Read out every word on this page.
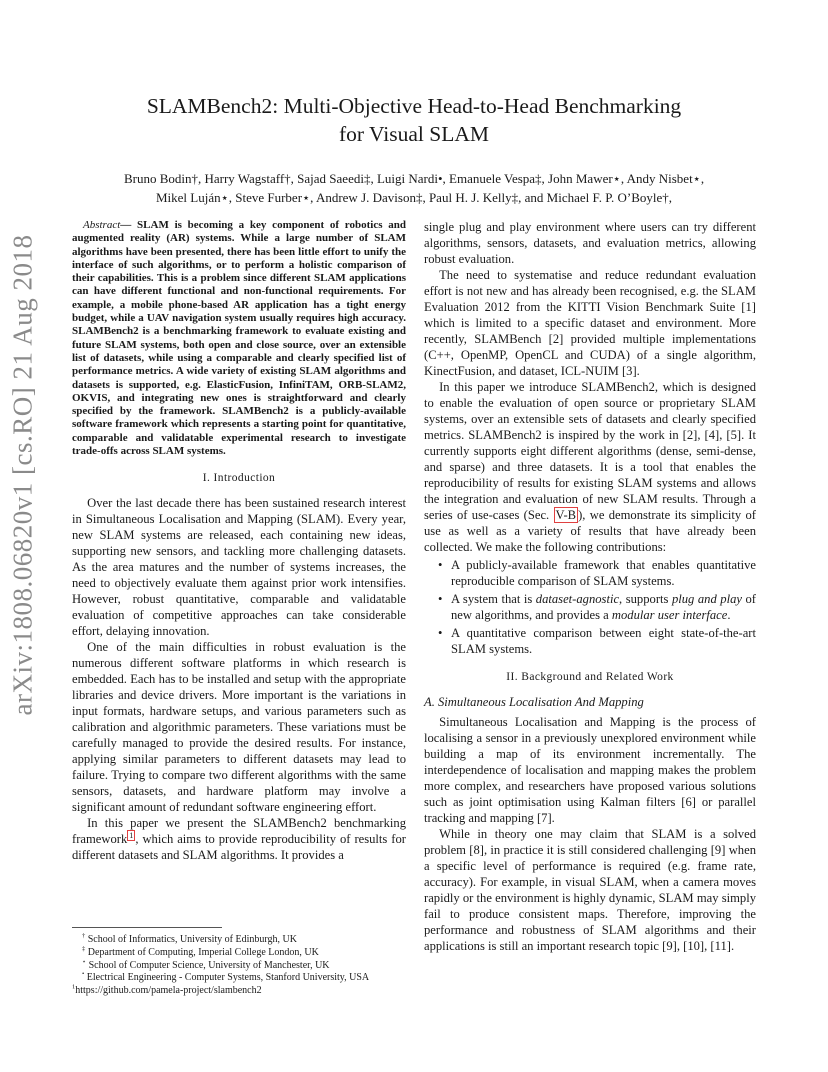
arXiv:1808.06820v1 [cs.RO] 21 Aug 2018
SLAMBench2: Multi-Objective Head-to-Head Benchmarking
for Visual SLAM
Bruno Bodin†, Harry Wagstaff†, Sajad Saeedi‡, Luigi Nardi•, Emanuele Vespa‡, John Mawer⋆, Andy Nisbet⋆,
Mikel Luján⋆, Steve Furber⋆, Andrew J. Davison‡, Paul H. J. Kelly‡, and Michael F. P. O’Boyle†,

Abstract— SLAM is becoming a key component of robotics and augmented reality (AR) systems. While a large number of SLAM algorithms have been presented, there has been little effort to unify the interface of such algorithms, or to perform a holistic comparison of their capabilities. This is a problem since different SLAM applications can have different functional and non-functional requirements. For example, a mobile phone-based AR application has a tight energy budget, while a UAV navigation system usually requires high accuracy. SLAMBench2 is a benchmarking framework to evaluate existing and future SLAM systems, both open and close source, over an extensible list of datasets, while using a comparable and clearly specified list of performance metrics. A wide variety of existing SLAM algorithms and datasets is supported, e.g. ElasticFusion, InfiniTAM, ORB-SLAM2, OKVIS, and integrating new ones is straightforward and clearly specified by the framework. SLAMBench2 is a publicly-available software framework which represents a starting point for quantitative, comparable and validatable experimental research to investigate trade-offs across SLAM systems.

I. Introduction

Over the last decade there has been sustained research interest in Simultaneous Localisation and Mapping (SLAM). Every year, new SLAM systems are released, each containing new ideas, supporting new sensors, and tackling more challenging datasets. As the area matures and the number of systems increases, the need to objectively evaluate them against prior work intensifies. However, robust quantitative, comparable and validatable evaluation of competitive approaches can take considerable effort, delaying innovation.

One of the main difficulties in robust evaluation is the numerous different software platforms in which research is embedded. Each has to be installed and setup with the appropriate libraries and device drivers. More important is the variations in input formats, hardware setups, and various parameters such as calibration and algorithmic parameters. These variations must be carefully managed to provide the desired results. For instance, applying similar parameters to different datasets may lead to failure. Trying to compare two different algorithms with the same sensors, datasets, and hardware platform may involve a significant amount of redundant software engineering effort.

In this paper we present the SLAMBench2 benchmarking framework $^1$ , which aims to provide reproducibility of results for different datasets and SLAM algorithms. It provides a

single plug and play environment where users can try different algorithms, sensors, datasets, and evaluation metrics, allowing robust evaluation.

The need to systematise and reduce redundant evaluation effort is not new and has already been recognised, e.g. the SLAM Evaluation 2012 from the KITTI Vision Benchmark Suite [1] which is limited to a specific dataset and environment. More recently, SLAMBench [2] provided multiple implementations (C++, OpenMP, OpenCL and CUDA) of a single algorithm, KinectFusion, and dataset, ICL-NUIM [3].

In this paper we introduce SLAMBench2, which is designed to enable the evaluation of open source or proprietary SLAM systems, over an extensible sets of datasets and clearly specified metrics. SLAMBench2 is inspired by the work in [2], [4], [5]. It currently supports eight different algorithms (dense, semi-dense, and sparse) and three datasets. It is a tool that enables the reproducibility of results for existing SLAM systems and allows the integration and evaluation of new SLAM results. Through a series of use-cases (Sec. V-B ), we demonstrate its simplicity of use as well as a variety of results that have already been collected. We make the following contributions:

• A publicly-available framework that enables quantitative reproducible comparison of SLAM systems.
• A system that is dataset-agnostic, supports plug and play of new algorithms, and provides a modular user interface.
• A quantitative comparison between eight state-of-the-art SLAM systems.
II. Background and Related Work

A. Simultaneous Localisation And Mapping

Simultaneous Localisation and Mapping is the process of localising a sensor in a previously unexplored environment while building a map of its environment incrementally. The interdependence of localisation and mapping makes the problem more complex, and researchers have proposed various solutions such as joint optimisation using Kalman filters [6] or parallel tracking and mapping [7].

While in theory one may claim that SLAM is a solved problem [8], in practice it is still considered challenging [9] when a specific level of performance is required (e.g. frame rate, accuracy). For example, in visual SLAM, when a camera moves rapidly or the environment is highly dynamic, SLAM may simply fail to produce consistent maps. Therefore, improving the performance and robustness of SLAM algorithms and their applications is still an important research topic [9], [10], [11].

† School of Informatics, University of Edinburgh, UK
‡ Department of Computing, Imperial College London, UK
⋆ School of Computer Science, University of Manchester, UK
• Electrical Engineering - Computer Systems, Stanford University, USA
$^1$https://github.com/pamela-project/slambench2
